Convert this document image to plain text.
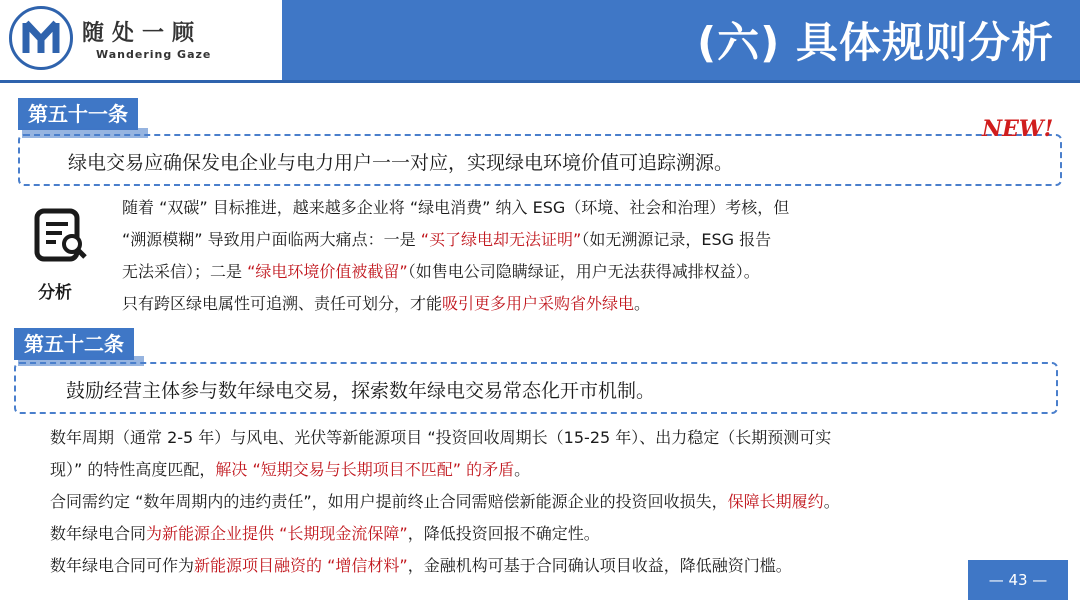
随处一顾
Wandering Gaze	(六) 具体规则分析
第五十一条
绿电交易应确保发电企业与电力用户一一对应，实现绿电环境价值可追踪溯源。
NEW!
分析
随着 “双碳” 目标推进，越来越多企业将 “绿电消费” 纳入 ESG（环境、社会和治理）考核，但
“溯源模糊” 导致用户面临两大痛点：一是 “买了绿电却无法证明”（如无溯源记录，ESG 报告
无法采信）；二是 “绿电环境价值被截留”（如售电公司隐瞒绿证，用户无法获得减排权益）。
只有跨区绿电属性可追溯、责任可划分，才能吸引更多用户采购省外绿电。
第五十二条
鼓励经营主体参与数年绿电交易，探索数年绿电交易常态化开市机制。
数年周期（通常 2-5 年）与风电、光伏等新能源项目 “投资回收周期长（15-25 年）、出力稳定（长期预测可实
现）” 的特性高度匹配，解决 “短期交易与长期项目不匹配” 的矛盾。
合同需约定 “数年周期内的违约责任”，如用户提前终止合同需赔偿新能源企业的投资回收损失，保障长期履约。
数年绿电合同为新能源企业提供 “长期现金流保障”，降低投资回报不确定性。
数年绿电合同可作为新能源项目融资的 “增信材料”，金融机构可基于合同确认项目收益，降低融资门槛。
— 43 —
